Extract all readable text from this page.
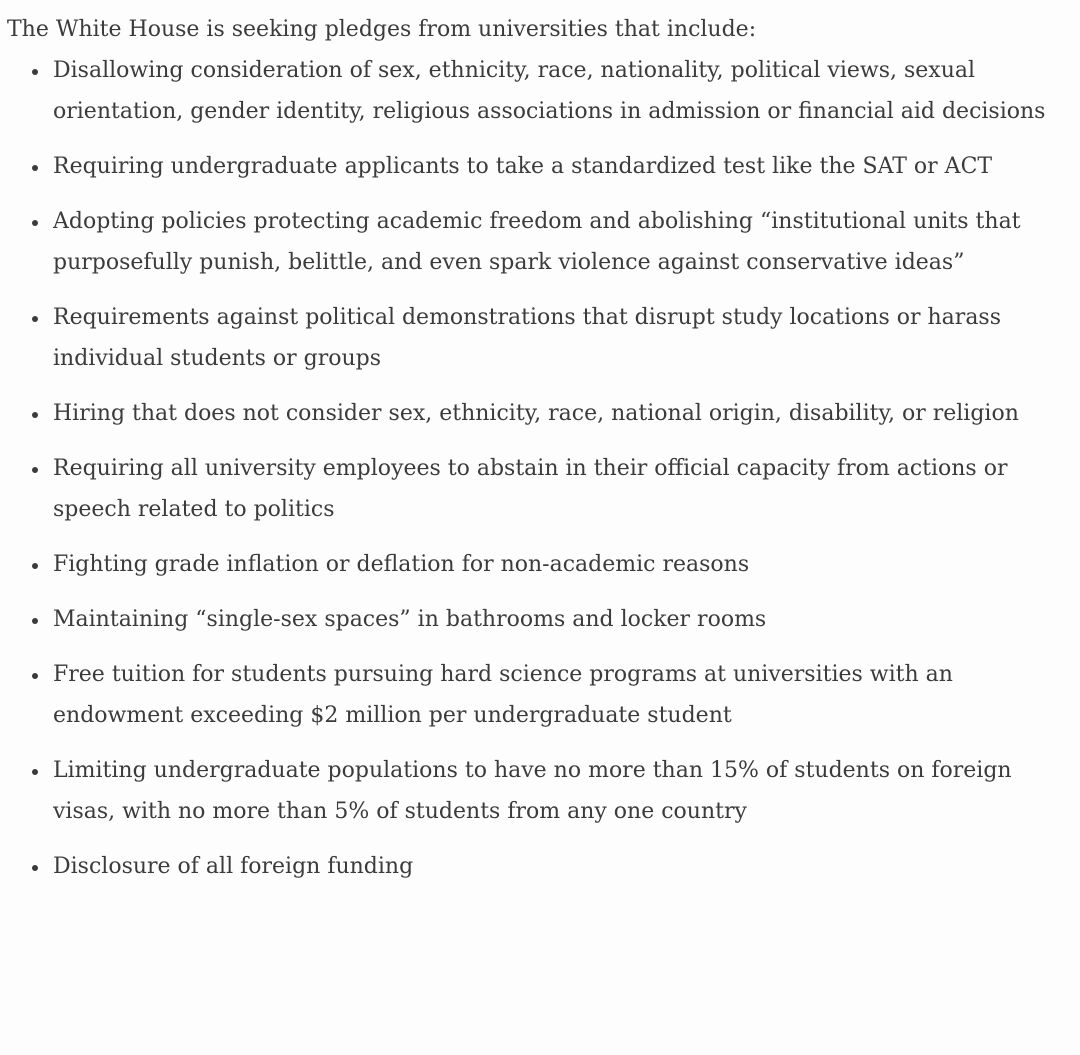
The White House is seeking pledges from universities that include:

• Disallowing consideration of sex, ethnicity, race, nationality, political views, sexual orientation, gender identity, religious associations in admission or financial aid decisions
• Requiring undergraduate applicants to take a standardized test like the SAT or ACT
• Adopting policies protecting academic freedom and abolishing “institutional units that purposefully punish, belittle, and even spark violence against conservative ideas”
• Requirements against political demonstrations that disrupt study locations or harass individual students or groups
• Hiring that does not consider sex, ethnicity, race, national origin, disability, or religion
• Requiring all university employees to abstain in their official capacity from actions or speech related to politics
• Fighting grade inflation or deflation for non-academic reasons
• Maintaining “single-sex spaces” in bathrooms and locker rooms
• Free tuition for students pursuing hard science programs at universities with an endowment exceeding $2 million per undergraduate student
• Limiting undergraduate populations to have no more than 15% of students on foreign visas, with no more than 5% of students from any one country
• Disclosure of all foreign funding
